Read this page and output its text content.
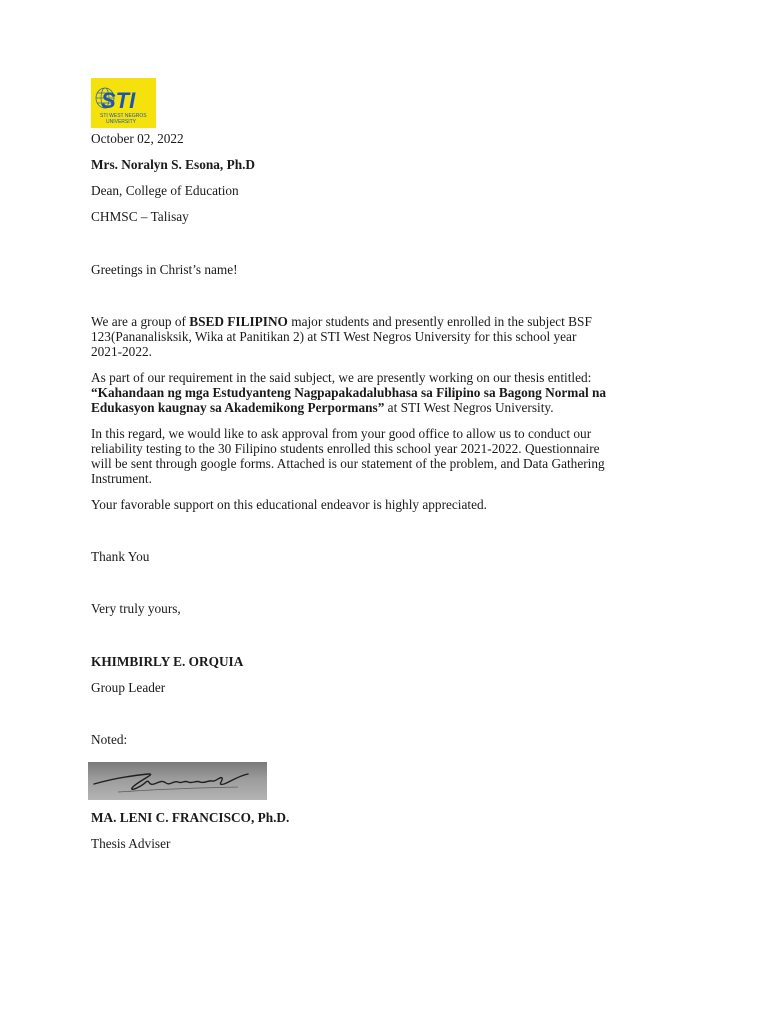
STI
STI WEST NEGROS
UNIVERSITY
October 02, 2022
Mrs. Noralyn S. Esona, Ph.D
Dean, College of Education
CHMSC – Talisay
Greetings in Christ’s name!
We are a group of BSED FILIPINO major students and presently enrolled in the subject BSF
123(Pananalisksik, Wika at Panitikan 2) at STI West Negros University for this school year
2021-2022.
As part of our requirement in the said subject, we are presently working on our thesis entitled:
“Kahandaan ng mga Estudyanteng Nagpapakadalubhasa sa Filipino sa Bagong Normal na
Edukasyon kaugnay sa Akademikong Perpormans” at STI West Negros University.
In this regard, we would like to ask approval from your good office to allow us to conduct our
reliability testing to the 30 Filipino students enrolled this school year 2021-2022. Questionnaire
will be sent through google forms. Attached is our statement of the problem, and Data Gathering
Instrument.
Your favorable support on this educational endeavor is highly appreciated.
Thank You
Very truly yours,
KHIMBIRLY E. ORQUIA
Group Leader
Noted:
MA. LENI C. FRANCISCO, Ph.D.
Thesis Adviser
